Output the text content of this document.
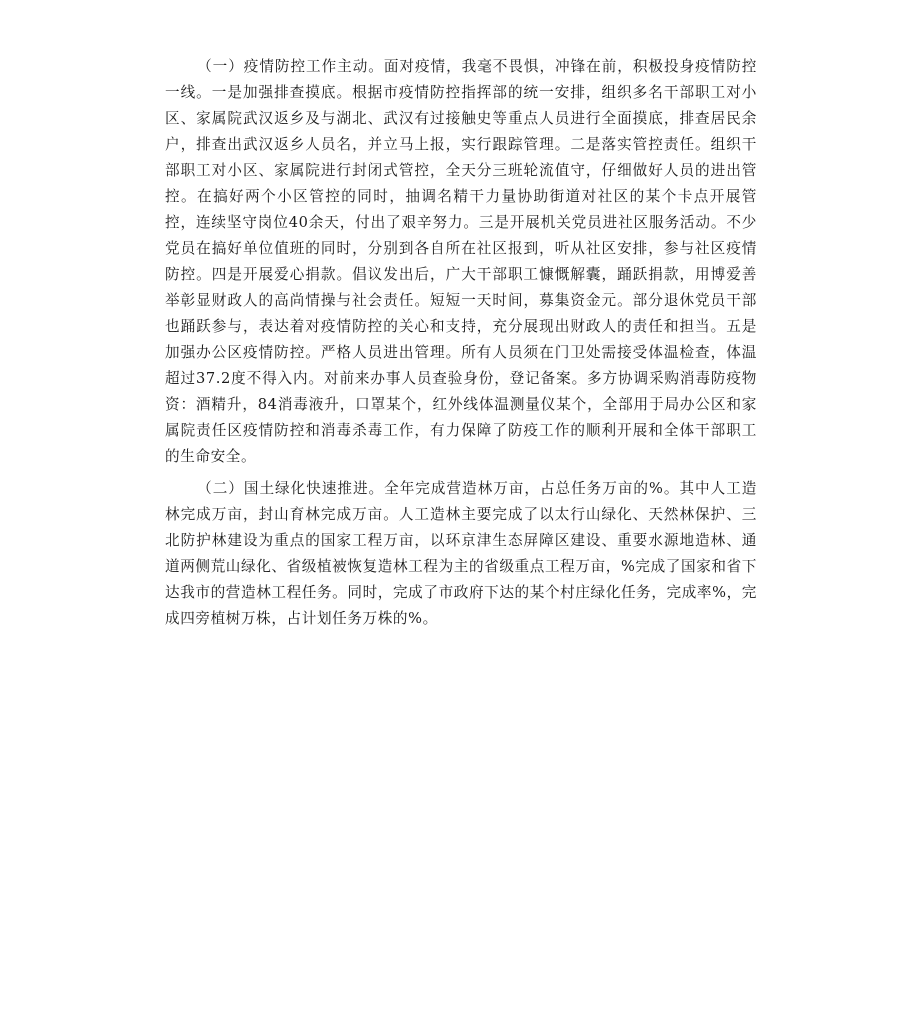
（一）疫情防控工作主动。面对疫情，我毫不畏惧，冲锋在前，积极投身疫情防控一线。一是加强排查摸底。根据市疫情防控指挥部的统一安排，组织多名干部职工对小区、家属院武汉返乡及与湖北、武汉有过接触史等重点人员进行全面摸底，排查居民余户，排查出武汉返乡人员名，并立马上报，实行跟踪管理。二是落实管控责任。组织干部职工对小区、家属院进行封闭式管控，全天分三班轮流值守，仔细做好人员的进出管控。在搞好两个小区管控的同时，抽调名精干力量协助街道对社区的某个卡点开展管控，连续坚守岗位40余天，付出了艰辛努力。三是开展机关党员进社区服务活动。不少党员在搞好单位值班的同时，分别到各自所在社区报到，听从社区安排，参与社区疫情防控。四是开展爱心捐款。倡议发出后，广大干部职工慷慨解囊，踊跃捐款，用博爱善举彰显财政人的高尚情操与社会责任。短短一天时间，募集资金元。部分退休党员干部也踊跃参与，表达着对疫情防控的关心和支持，充分展现出财政人的责任和担当。五是加强办公区疫情防控。严格人员进出管理。所有人员须在门卫处需接受体温检查，体温超过37.2度不得入内。对前来办事人员查验身份，登记备案。多方协调采购消毒防疫物资：酒精升，84消毒液升，口罩某个，红外线体温测量仪某个，全部用于局办公区和家属院责任区疫情防控和消毒杀毒工作，有力保障了防疫工作的顺利开展和全体干部职工的生命安全。

（二）国土绿化快速推进。全年完成营造林万亩，占总任务万亩的%。其中人工造林完成万亩，封山育林完成万亩。人工造林主要完成了以太行山绿化、天然林保护、三北防护林建设为重点的国家工程万亩，以环京津生态屏障区建设、重要水源地造林、通道两侧荒山绿化、省级植被恢复造林工程为主的省级重点工程万亩，%完成了国家和省下达我市的营造林工程任务。同时，完成了市政府下达的某个村庄绿化任务，完成率%，完成四旁植树万株，占计划任务万株的%。
